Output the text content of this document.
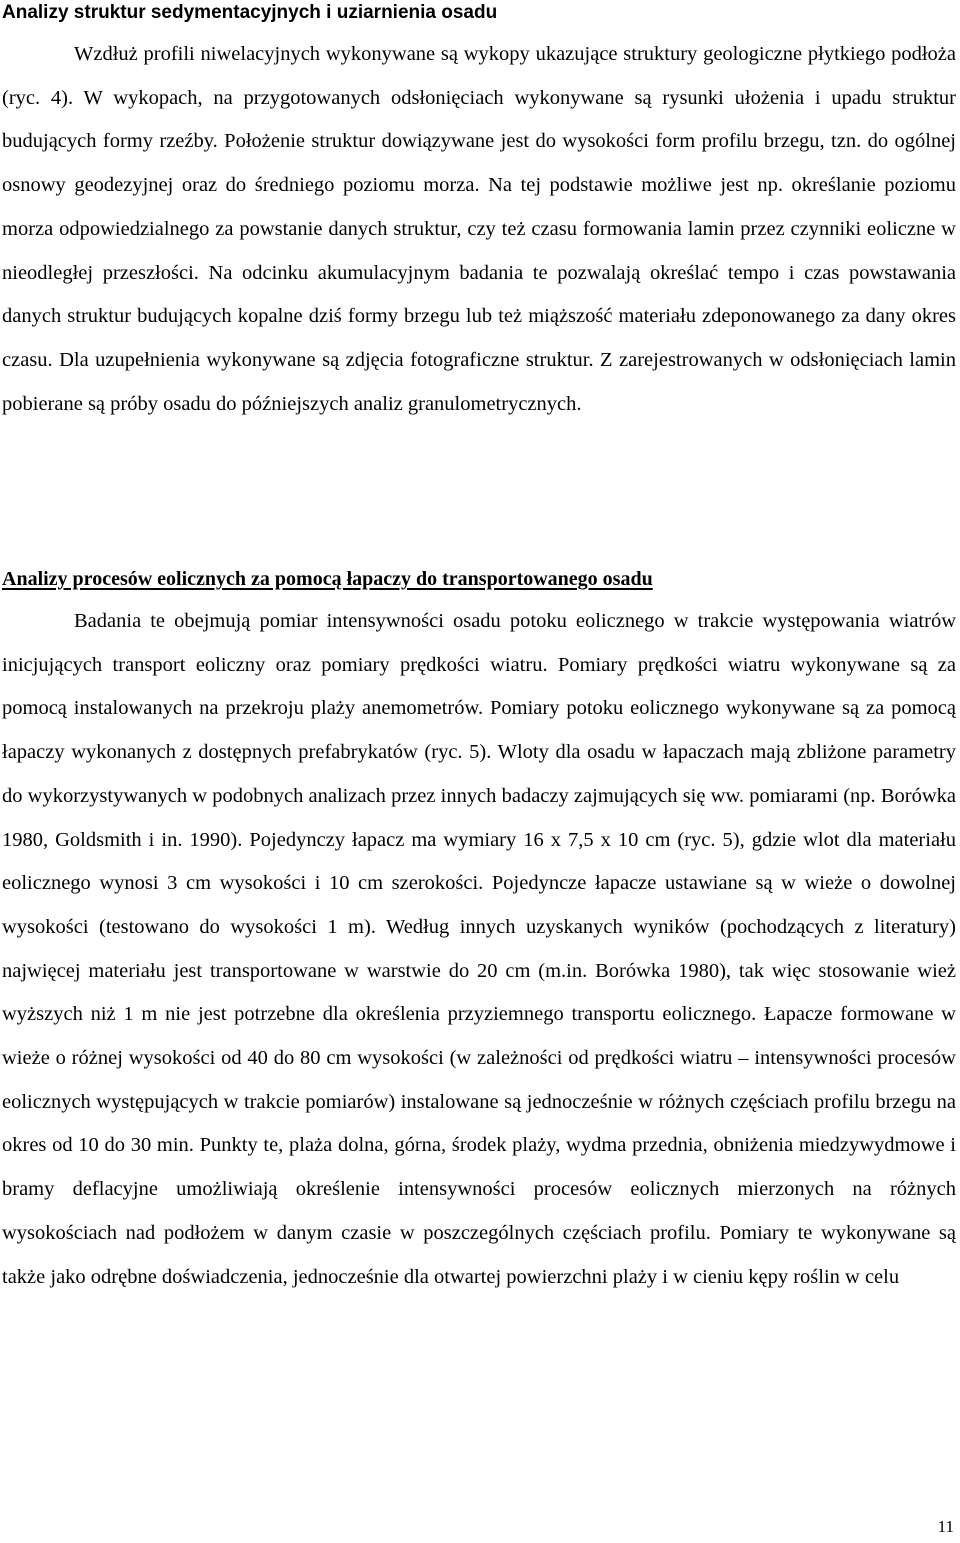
Analizy struktur sedymentacyjnych i uziarnienia osadu

Wzdłuż profili niwelacyjnych wykonywane są wykopy ukazujące struktury geologiczne płytkiego podłoża (ryc. 4). W wykopach, na przygotowanych odsłonięciach wykonywane są rysunki ułożenia i upadu struktur budujących formy rzeźby. Położenie struktur dowiązywane jest do wysokości form profilu brzegu, tzn. do ogólnej osnowy geodezyjnej oraz do średniego poziomu morza. Na tej podstawie możliwe jest np. określanie poziomu morza odpowiedzialnego za powstanie danych struktur, czy też czasu formowania lamin przez czynniki eoliczne w nieodległej przeszłości. Na odcinku akumulacyjnym badania te pozwalają określać tempo i czas powstawania danych struktur budujących kopalne dziś formy brzegu lub też miąższość materiału zdeponowanego za dany okres czasu. Dla uzupełnienia wykonywane są zdjęcia fotograficzne struktur. Z zarejestrowanych w odsłonięciach lamin pobierane są próby osadu do późniejszych analiz granulometrycznych.

Analizy procesów eolicznych za pomocą łapaczy do transportowanego osadu

Badania te obejmują pomiar intensywności osadu potoku eolicznego w trakcie występowania wiatrów inicjujących transport eoliczny oraz pomiary prędkości wiatru. Pomiary prędkości wiatru wykonywane są za pomocą instalowanych na przekroju plaży anemometrów. Pomiary potoku eolicznego wykonywane są za pomocą łapaczy wykonanych z dostępnych prefabrykatów (ryc. 5). Wloty dla osadu w łapaczach mają zbliżone parametry do wykorzystywanych w podobnych analizach przez innych badaczy zajmujących się ww. pomiarami (np. Borówka 1980, Goldsmith i in. 1990). Pojedynczy łapacz ma wymiary 16 x 7,5 x 10 cm (ryc. 5), gdzie wlot dla materiału eolicznego wynosi 3 cm wysokości i 10 cm szerokości. Pojedyncze łapacze ustawiane są w wieże o dowolnej wysokości (testowano do wysokości 1 m). Według innych uzyskanych wyników (pochodzących z literatury) najwięcej materiału jest transportowane w warstwie do 20 cm (m.in. Borówka 1980), tak więc stosowanie wież wyższych niż 1 m nie jest potrzebne dla określenia przyziemnego transportu eolicznego. Łapacze formowane w wieże o różnej wysokości od 40 do 80 cm wysokości (w zależności od prędkości wiatru – intensywności procesów eolicznych występujących w trakcie pomiarów) instalowane są jednocześnie w różnych częściach profilu brzegu na okres od 10 do 30 min. Punkty te, plaża dolna, górna, środek plaży, wydma przednia, obniżenia miedzywydmowe i bramy deflacyjne umożliwiają określenie intensywności procesów eolicznych mierzonych na różnych wysokościach nad podłożem w danym czasie w poszczególnych częściach profilu. Pomiary te wykonywane są także jako odrębne doświadczenia, jednocześnie dla otwartej powierzchni plaży i w cieniu kępy roślin w celu

11
